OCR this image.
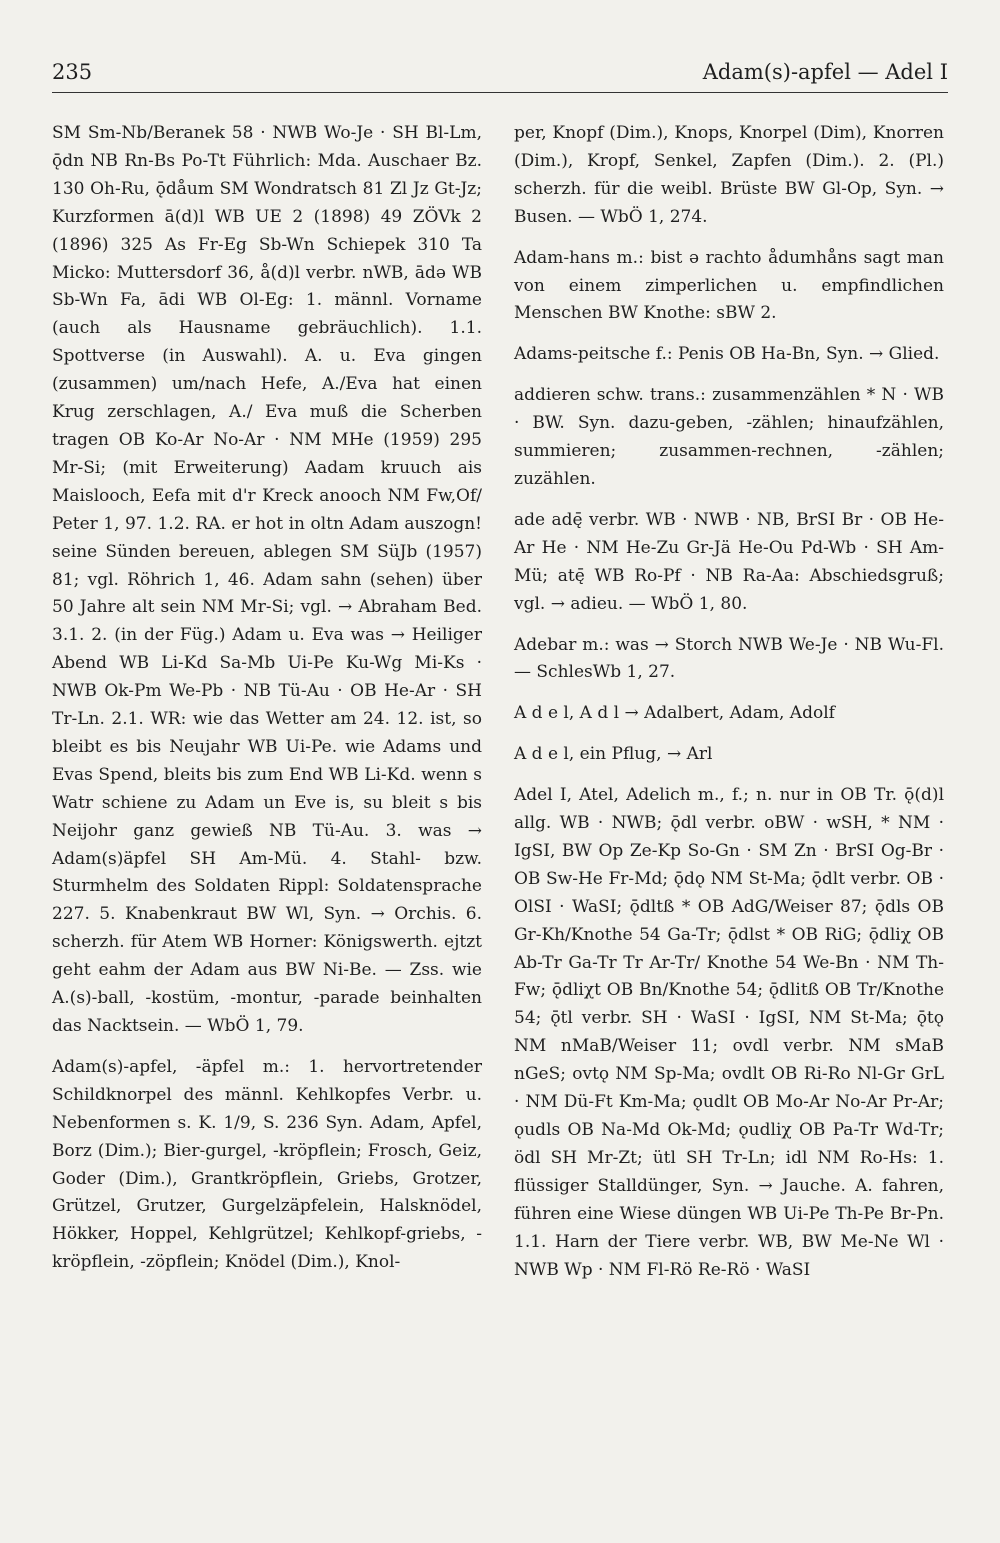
235	Adam(s)-apfel — Adel I

SM Sm-Nb/Beranek 58 · NWB Wo-Je · SH Bl-Lm, ǭdn NB Rn-Bs Po-Tt Führlich: Mda. Auschaer Bz. 130 Oh-Ru, ǭdåum SM Wondratsch 81 Zl Jz Gt-Jz; Kurzformen ā(d)l WB UE 2 (1898) 49 ZÖVk 2 (1896) 325 As Fr-Eg Sb-Wn Schiepek 310 Ta Micko: Muttersdorf 36, å(d)l verbr. nWB, ādə WB Sb-Wn Fa, ādi WB Ol-Eg: 1. männl. Vorname (auch als Hausname gebräuchlich). 1.1. Spottverse (in Auswahl). A. u. Eva gingen (zusammen) um/nach Hefe, A./Eva hat einen Krug zerschlagen, A./ Eva muß die Scherben tragen OB Ko-Ar No-Ar · NM MHe (1959) 295 Mr-Si; (mit Erweiterung) Aadam kruuch ais Maislooch, Eefa mit d'r Kreck anooch NM Fw,Of/ Peter 1, 97. 1.2. RA. er hot in oltn Adam auszogn! seine Sünden bereuen, ablegen SM SüJb (1957) 81; vgl. Röhrich 1, 46. Adam sahn (sehen) über 50 Jahre alt sein NM Mr-Si; vgl. → Abraham Bed. 3.1. 2. (in der Füg.) Adam u. Eva was → Heiliger Abend WB Li-Kd Sa-Mb Ui-Pe Ku-Wg Mi-Ks · NWB Ok-Pm We-Pb · NB Tü-Au · OB He-Ar · SH Tr-Ln. 2.1. WR: wie das Wetter am 24. 12. ist, so bleibt es bis Neujahr WB Ui-Pe. wie Adams und Evas Spend, bleits bis zum End WB Li-Kd. wenn s Watr schiene zu Adam un Eve is, su bleit s bis Neijohr ganz gewieß NB Tü-Au. 3. was → Adam(s)äpfel SH Am-Mü. 4. Stahl- bzw. Sturmhelm des Soldaten Rippl: Soldatensprache 227. 5. Knabenkraut BW Wl, Syn. → Orchis. 6. scherzh. für Atem WB Horner: Königswerth. ejtzt geht eahm der Adam aus BW Ni-Be. — Zss. wie A.(s)-ball, -kostüm, -montur, -parade beinhalten das Nacktsein. — WbÖ 1, 79.

Adam(s)-apfel, -äpfel m.: 1. hervortretender Schildknorpel des männl. Kehlkopfes Verbr. u. Nebenformen s. K. 1/9, S. 236 Syn. Adam, Apfel, Borz (Dim.); Bier-gurgel, -kröpflein; Frosch, Geiz, Goder (Dim.), Grantkröpflein, Griebs, Grotzer, Grützel, Grutzer, Gurgelzäpfelein, Halsknödel, Hökker, Hoppel, Kehlgrützel; Kehlkopf-griebs, -kröpflein, -zöpflein; Knödel (Dim.), Knol-

per, Knopf (Dim.), Knops, Knorpel (Dim), Knorren (Dim.), Kropf, Senkel, Zapfen (Dim.). 2. (Pl.) scherzh. für die weibl. Brüste BW Gl-Op, Syn. → Busen. — WbÖ 1, 274.

Adam-hans m.: bist ə rachto ådumhåns sagt man von einem zimperlichen u. empfindlichen Menschen BW Knothe: sBW 2.

Adams-peitsche f.: Penis OB Ha-Bn, Syn. → Glied.

addieren schw. trans.: zusammenzählen * N · WB · BW. Syn. dazu-geben, -zählen; hinaufzählen, summieren; zusammen-rechnen, -zählen; zuzählen.

ade adę̄ verbr. WB · NWB · NB, BrSI Br · OB He-Ar He · NM He-Zu Gr-Jä He-Ou Pd-Wb · SH Am-Mü; atę̄ WB Ro-Pf · NB Ra-Aa: Abschiedsgruß; vgl. → adieu. — WbÖ 1, 80.

Adebar m.: was → Storch NWB We-Je · NB Wu-Fl. — SchlesWb 1, 27.

A d e l, A d l → Adalbert, Adam, Adolf

A d e l, ein Pflug, → Arl

Adel I, Atel, Adelich m., f.; n. nur in OB Tr. ǭ(d)l allg. WB · NWB; ǭdl verbr. oBW · wSH, * NM · IgSI, BW Op Ze-Kp So-Gn · SM Zn · BrSI Og-Br · OB Sw-He Fr-Md; ǭdǫ NM St-Ma; ǭdlt verbr. OB · OlSI · WaSI; ǭdltß * OB AdG/Weiser 87; ǭdls OB Gr-Kh/Knothe 54 Ga-Tr; ǭdlst * OB RiG; ǭdliχ OB Ab-Tr Ga-Tr Tr Ar-Tr/ Knothe 54 We-Bn · NM Th-Fw; ǭdliχt OB Bn/Knothe 54; ǭdlitß OB Tr/Knothe 54; ǭtl verbr. SH · WaSI · IgSI, NM St-Ma; ǭtǫ NM nMaB/Weiser 11; ovdl verbr. NM sMaB nGeS; ovtǫ NM Sp-Ma; ovdlt OB Ri-Ro Nl-Gr GrL · NM Dü-Ft Km-Ma; ǫudlt OB Mo-Ar No-Ar Pr-Ar; ǫudls OB Na-Md Ok-Md; ǫudliχ OB Pa-Tr Wd-Tr; ödl SH Mr-Zt; ütl SH Tr-Ln; idl NM Ro-Hs: 1. flüssiger Stalldünger, Syn. → Jauche. A. fahren, führen eine Wiese düngen WB Ui-Pe Th-Pe Br-Pn. 1.1. Harn der Tiere verbr. WB, BW Me-Ne Wl · NWB Wp · NM Fl-Rö Re-Rö · WaSI
